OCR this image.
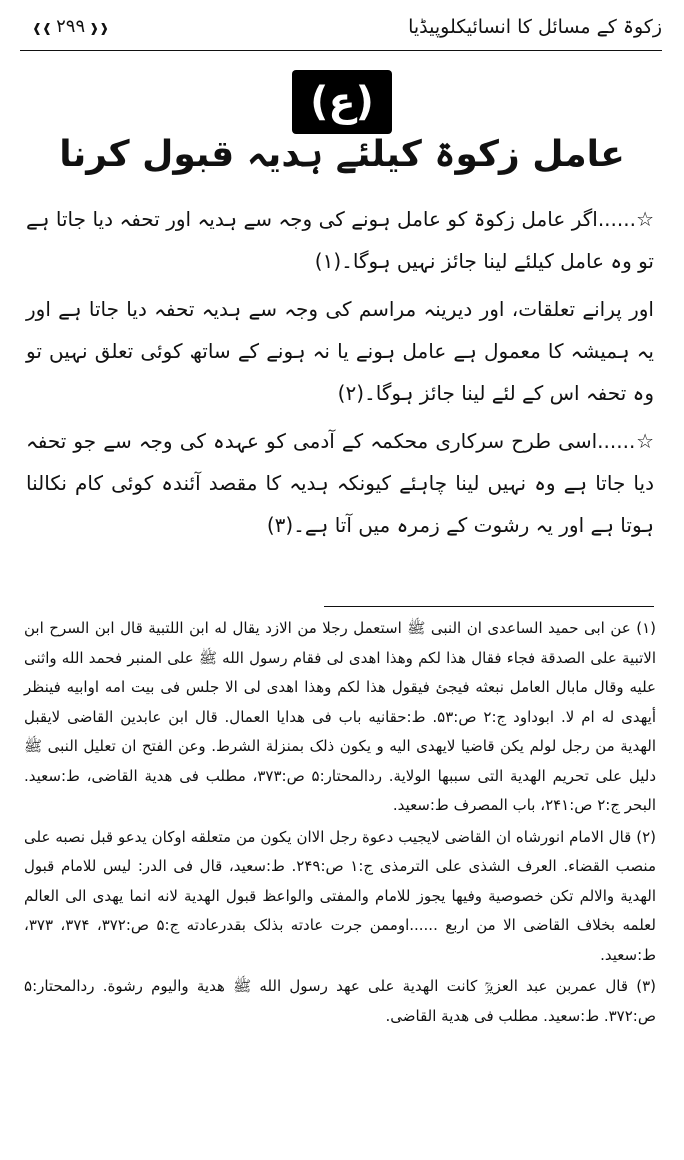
زکوۃ کے مسائل کا انسائیکلوپیڈیا
❰❰ ۲۹۹ ❱❱
(ع)
عامل زکوۃ کیلئے ہدیہ قبول کرنا

☆......اگر عامل زکوۃ کو عامل ہونے کی وجہ سے ہدیہ اور تحفہ دیا جاتا ہے تو وہ عامل کیلئے لینا جائز نہیں ہوگا۔(۱)

اور پرانے تعلقات، اور دیرینہ مراسم کی وجہ سے ہدیہ تحفہ دیا جاتا ہے اور یہ ہمیشہ کا معمول ہے عامل ہونے یا نہ ہونے کے ساتھ کوئی تعلق نہیں تو وہ تحفہ اس کے لئے لینا جائز ہوگا۔(۲)

☆......اسی طرح سرکاری محکمہ کے آدمی کو عہدہ کی وجہ سے جو تحفہ دیا جاتا ہے وہ نہیں لینا چاہئے کیونکہ ہدیہ کا مقصد آئندہ کوئی کام نکالنا ہوتا ہے اور یہ رشوت کے زمرہ میں آتا ہے۔(۳)

(۱) عن ابی حمید الساعدی ان النبی ﷺ استعمل رجلا من الازد یقال له ابن اللتبیة قال ابن السرح ابن الاتبیة علی الصدقة فجاء فقال هذا لکم وهذا اهدی لی فقام رسول الله ﷺ علی المنبر فحمد الله واثنی علیه وقال مابال العامل نبعثه فیجئ فیقول هذا لکم وهذا اهدی لی الا جلس فی بیت امه اوابیه فینظر أیهدی له ام لا. ابوداود ج:۲ ص:۵۳. ط:حقانیه باب فی هدایا العمال. قال ابن عابدین القاضی لایقبل الهدیة من رجل لولم یکن قاضیا لایهدی الیه و یکون ذلک بمنزلة الشرط. وعن الفتح ان تعلیل النبی ﷺ دلیل علی تحریم الهدیة التی سببها الولایة. ردالمحتار:۵ ص:۳۷۳، مطلب فی هدیة القاضی، ط:سعید. البحر ج:۲ ص:۲۴۱، باب المصرف ط:سعید.

(۲) قال الامام انورشاه ان القاضی لایجیب دعوة رجل الاان یکون من متعلقه اوکان یدعو قبل نصبه علی منصب القضاء. العرف الشذی علی الترمذی ج:۱ ص:۲۴۹. ط:سعید، قال فی الدر: لیس للامام قبول الهدیة والالم تکن خصوصیة وفیها یجوز للامام والمفتی والواعظ قبول الهدیة لانه انما یهدی الی العالم لعلمه بخلاف القاضی الا من اربع ......اوممن جرت عادته بذلک بقدرعادته ج:۵ ص:۳۷۲، ۳۷۴، ۳۷۳، ط:سعید.

(۳) قال عمربن عبد العزیزؒ کانت الهدیة علی عهد رسول الله ﷺ هدیة والیوم رشوة. ردالمحتار:۵ ص:۳۷۲. ط:سعید. مطلب فی هدیة القاضی.
